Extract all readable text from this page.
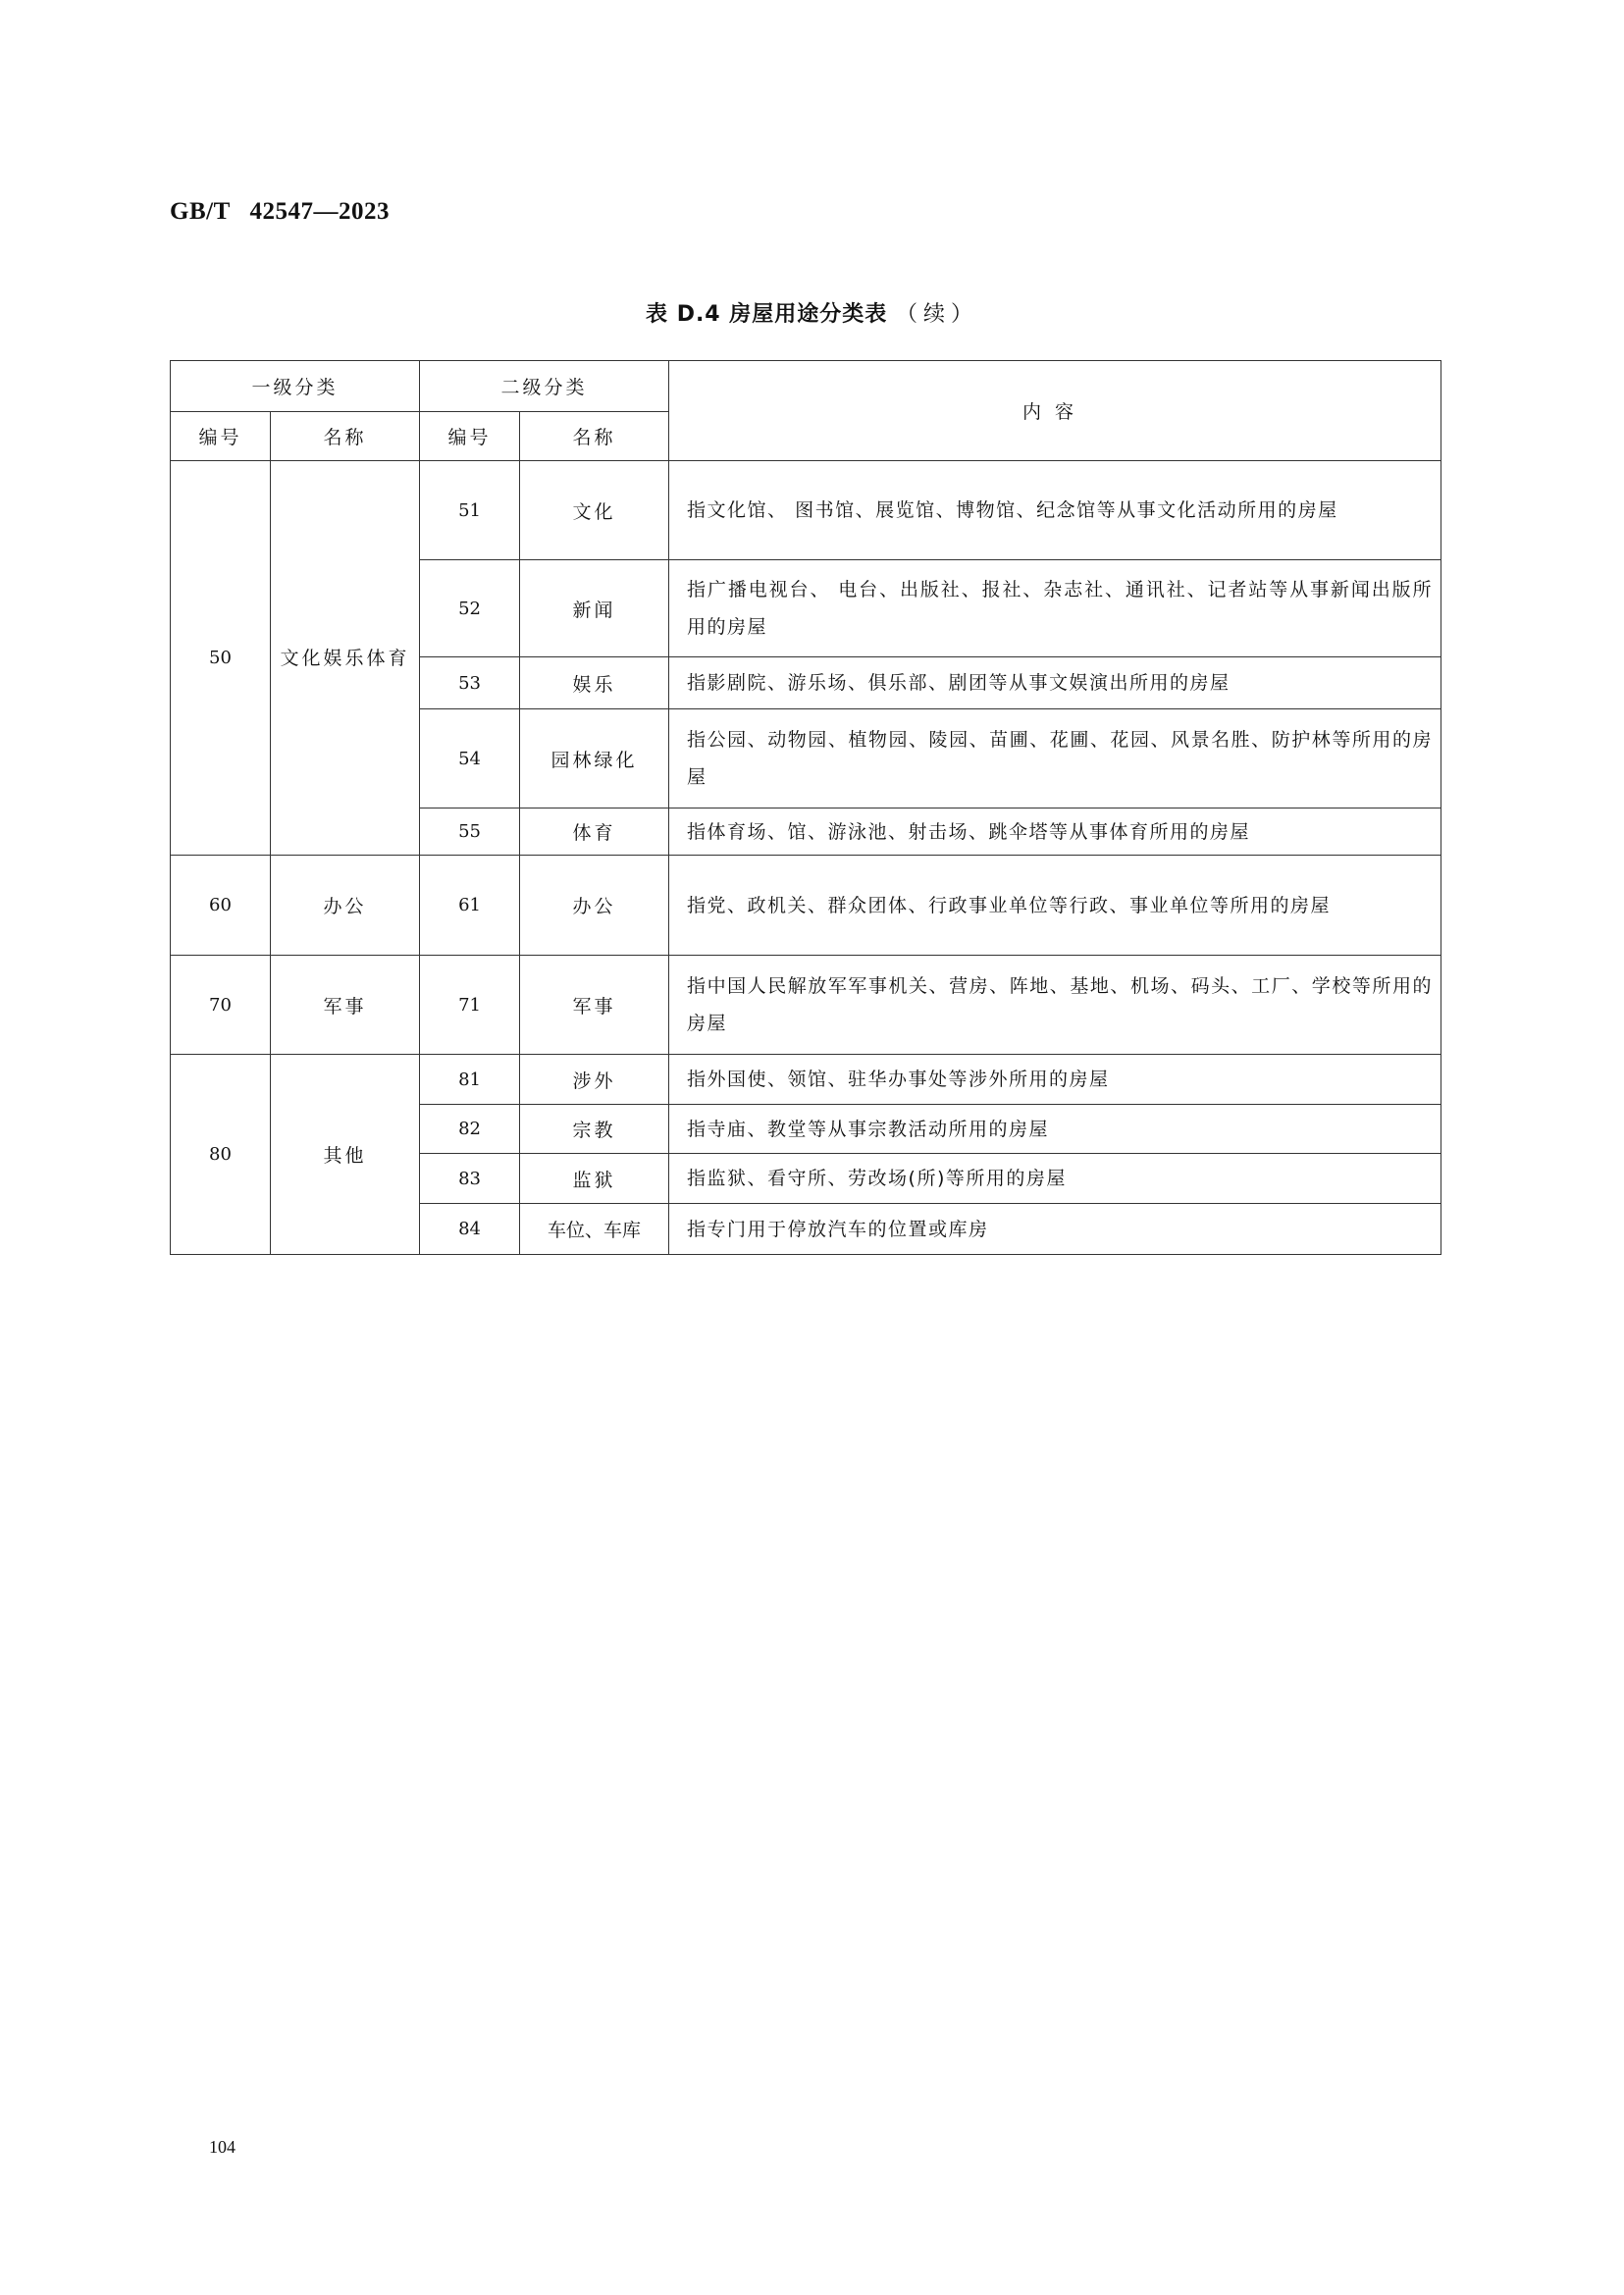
GB/T   42547—2023
表 D.4 房屋用途分类表 （续）
一级分类		二级分类		内容
编号	名称	编号	名称	
50	文化娱乐体育	51	文化	指文化馆、 图书馆、展览馆、博物馆、纪念馆等从事文化活动所用的房屋
		52	新闻	指广播电视台、 电台、出版社、报社、杂志社、通讯社、记者站等从事新闻出版所用的房屋
		53	娱乐	指影剧院、游乐场、俱乐部、剧团等从事文娱演出所用的房屋
		54	园林绿化	指公园、动物园、植物园、陵园、苗圃、花圃、花园、风景名胜、防护林等所用的房屋
		55	体育	指体育场、馆、游泳池、射击场、跳伞塔等从事体育所用的房屋
60	办公	61	办公	指党、政机关、群众团体、行政事业单位等行政、事业单位等所用的房屋
70	军事	71	军事	指中国人民解放军军事机关、营房、阵地、基地、机场、码头、工厂、学校等所用的房屋
80	其他	81	涉外	指外国使、领馆、驻华办事处等涉外所用的房屋
		82	宗教	指寺庙、教堂等从事宗教活动所用的房屋
		83	监狱	指监狱、看守所、劳改场(所)等所用的房屋
		84	车位、车库	指专门用于停放汽车的位置或库房
104
